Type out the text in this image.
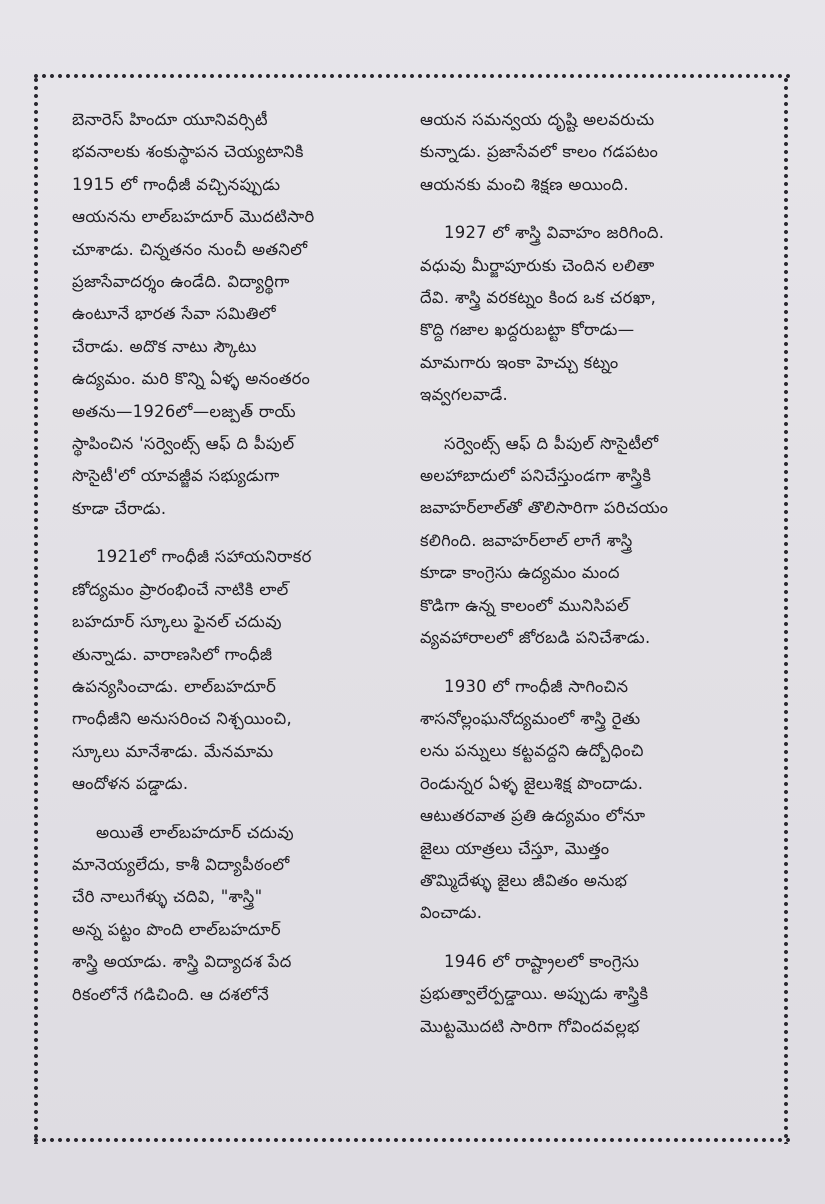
బెనారెస్ హిందూ యూనివర్సిటీ
భవనాలకు శంకుస్థాపన చెయ్యటానికి
1915 లో గాంధీజీ వచ్చినప్పుడు
ఆయనను లాల్‌బహదూర్ మొదటిసారి
చూశాడు. చిన్నతనం నుంచీ అతనిలో
ప్రజాసేవాదర్శం ఉండేది. విద్యార్థిగా
ఉంటూనే భారత సేవా సమితిలో
చేరాడు. అదొక నాటు స్కౌటు
ఉద్యమం. మరి కొన్ని ఏళ్ళ అనంతరం
అతను—1926లో—లజ్పత్ రాయ్
స్థాపించిన 'సర్వెంట్స్ ఆఫ్ ది పీపుల్
సొసైటీ'లో యావజ్జీవ సభ్యుడుగా
కూడా చేరాడు.

1921లో గాంధీజీ సహాయనిరాకర
ణోద్యమం ప్రారంభించే నాటికి లాల్
బహదూర్ స్కూలు ఫైనల్ చదువు
తున్నాడు. వారాణసిలో గాంధీజీ
ఉపన్యసించాడు. లాల్‌బహదూర్
గాంధీజీని అనుసరించ నిశ్చయించి,
స్కూలు మానేశాడు. మేనమామ
ఆందోళన పడ్డాడు.

అయితే లాల్‌బహదూర్ చదువు
మానెయ్యలేదు, కాశీ విద్యాపీఠంలో
చేరి నాలుగేళ్ళు చదివి, "శాస్త్రి"
అన్న పట్టం పొంది లాల్‌బహదూర్
శాస్త్రి అయాడు. శాస్త్రి విద్యాదశ పేద
రికంలోనే గడిచింది. ఆ దశలోనే

ఆయన సమన్వయ దృష్టి అలవరుచు
కున్నాడు. ప్రజాసేవలో కాలం గడపటం
ఆయనకు మంచి శిక్షణ అయింది.

1927 లో శాస్త్రి వివాహం జరిగింది.
వధువు మీర్జాపూరుకు చెందిన లలితా
దేవి. శాస్త్రి వరకట్నం కింద ఒక చరఖా,
కొద్ది గజాల ఖద్దరుబట్టా కోరాడు—
మామగారు ఇంకా హెచ్చు కట్నం
ఇవ్వగలవాడే.

సర్వెంట్స్ ఆఫ్ ది పీపుల్ సొసైటీలో
అలహాబాదులో పనిచేస్తుండగా శాస్త్రికి
జవాహర్‌లాల్‌తో తొలిసారిగా పరిచయం
కలిగింది. జవాహర్‌లాల్ లాగే శాస్త్రి
కూడా కాంగ్రెసు ఉద్యమం మంద
కొడిగా ఉన్న కాలంలో మునిసిపల్
వ్యవహారాలలో జోరబడి పనిచేశాడు.

1930 లో గాంధీజీ సాగించిన
శాసనోల్లంఘనోద్యమంలో శాస్త్రి రైతు
లను పన్నులు కట్టవద్దని ఉద్బోధించి
రెండున్నర ఏళ్ళ జైలుశిక్ష పొందాడు.
ఆటుతరవాత ప్రతి ఉద్యమం లోనూ
జైలు యాత్రలు చేస్తూ, మొత్తం
తొమ్మిదేళ్ళు జైలు జీవితం అనుభ
వించాడు.

1946 లో రాష్ట్రాలలో కాంగ్రెసు
ప్రభుత్వాలేర్పడ్డాయి. అప్పుడు శాస్త్రికి
మొట్టమొదటి సారిగా గోవిందవల్లభ
